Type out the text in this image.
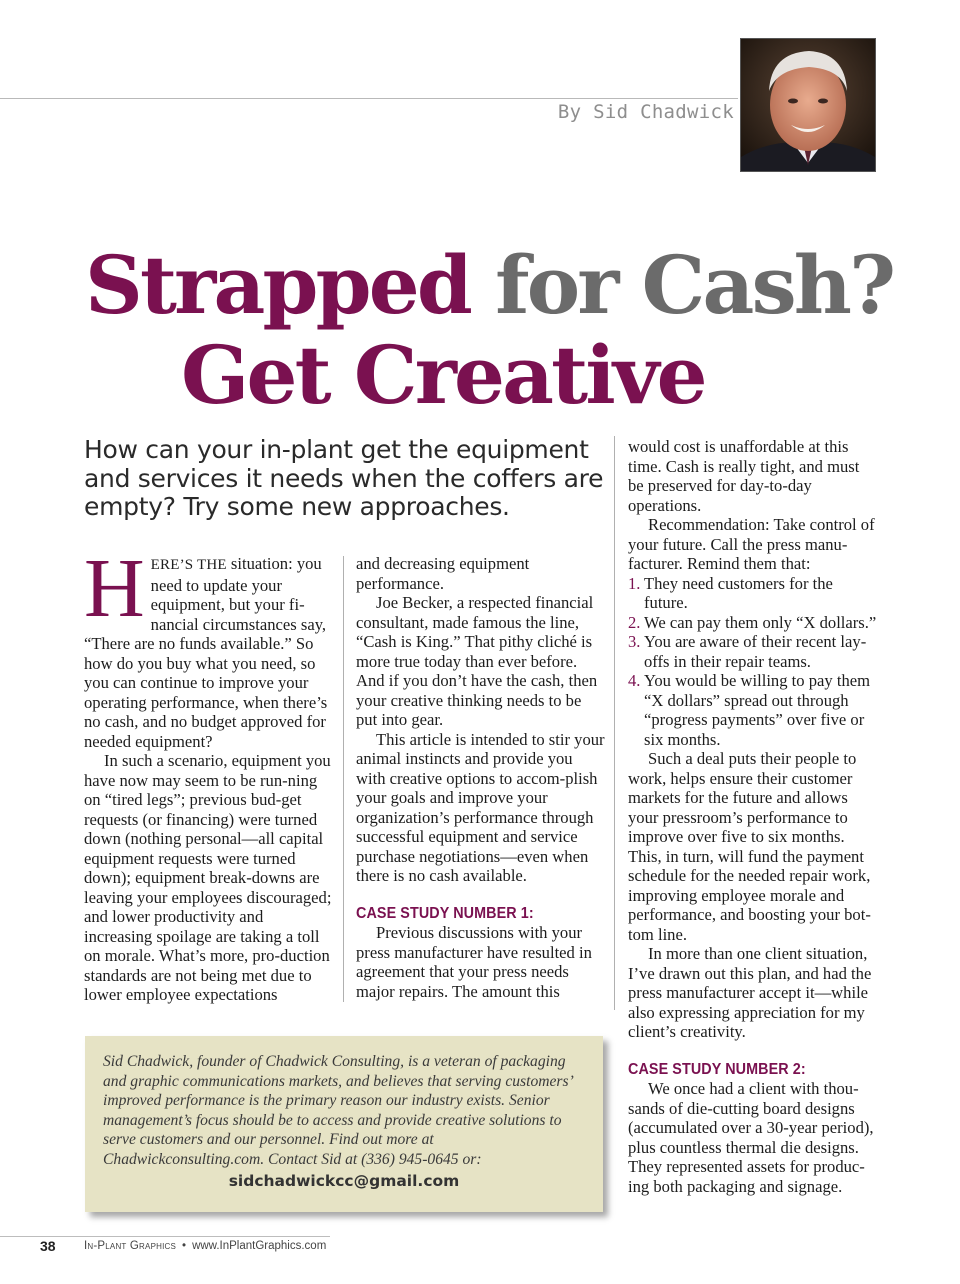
By Sid Chadwick
Strapped for Cash?
Get Creative
How can your in-plant get the equipment and services it needs when the coffers are empty? Try some new approaches.

HERE’S THE situation: you need to update your equipment, but your fi-nancial circumstances say, “There are no funds available.” So how do you buy what you need, so you can continue to improve your operating performance, when there’s no cash, and no budget approved for needed equipment?

In such a scenario, equipment you have now may seem to be run-ning on “tired legs”; previous bud-get requests (or financing) were turned down (nothing personal—all capital equipment requests were turned down); equipment break-downs are leaving your employees discouraged; and lower productivity and increasing spoilage are taking a toll on morale. What’s more, pro-duction standards are not being met due to lower employee expectations

and decreasing equipment performance.

Joe Becker, a respected financial consultant, made famous the line, “Cash is King.” That pithy cliché is more true today than ever before. And if you don’t have the cash, then your creative thinking needs to be put into gear.

This article is intended to stir your animal instincts and provide you with creative options to accom-plish your goals and improve your organization’s performance through successful equipment and service purchase negotiations—even when there is no cash available.

CASE STUDY NUMBER 1:

Previous discussions with your press manufacturer have resulted in agreement that your press needs major repairs. The amount this

would cost is unaffordable at this time. Cash is really tight, and must be preserved for day-to-day operations.

Recommendation: Take control of your future. Call the press manu-facturer. Remind them that:

1. They need customers for the future.
2. We can pay them only “X dollars.”
3. You are aware of their recent lay-offs in their repair teams.
4. You would be willing to pay them “X dollars” spread out through “progress payments” over five or six months.

Such a deal puts their people to work, helps ensure their customer markets for the future and allows your pressroom’s performance to improve over five to six months. This, in turn, will fund the payment schedule for the needed repair work, improving employee morale and performance, and boosting your bot-tom line.

In more than one client situation, I’ve drawn out this plan, and had the press manufacturer accept it—while also expressing appreciation for my client’s creativity.

CASE STUDY NUMBER 2:

We once had a client with thou-sands of die-cutting board designs (accumulated over a 30-year period), plus countless thermal die designs. They represented assets for produc-ing both packaging and signage.

Sid Chadwick, founder of Chadwick Consulting, is a veteran of packaging and graphic communications markets, and believes that serving customers’ improved performance is the primary reason our industry exists. Senior management’s focus should be to access and provide creative solutions to serve customers and our personnel. Find out more at Chadwickconsulting.com. Contact Sid at (336) 945-0645 or:
sidchadwickcc@gmail.com
38 In-Plant Graphics • www.InPlantGraphics.com
